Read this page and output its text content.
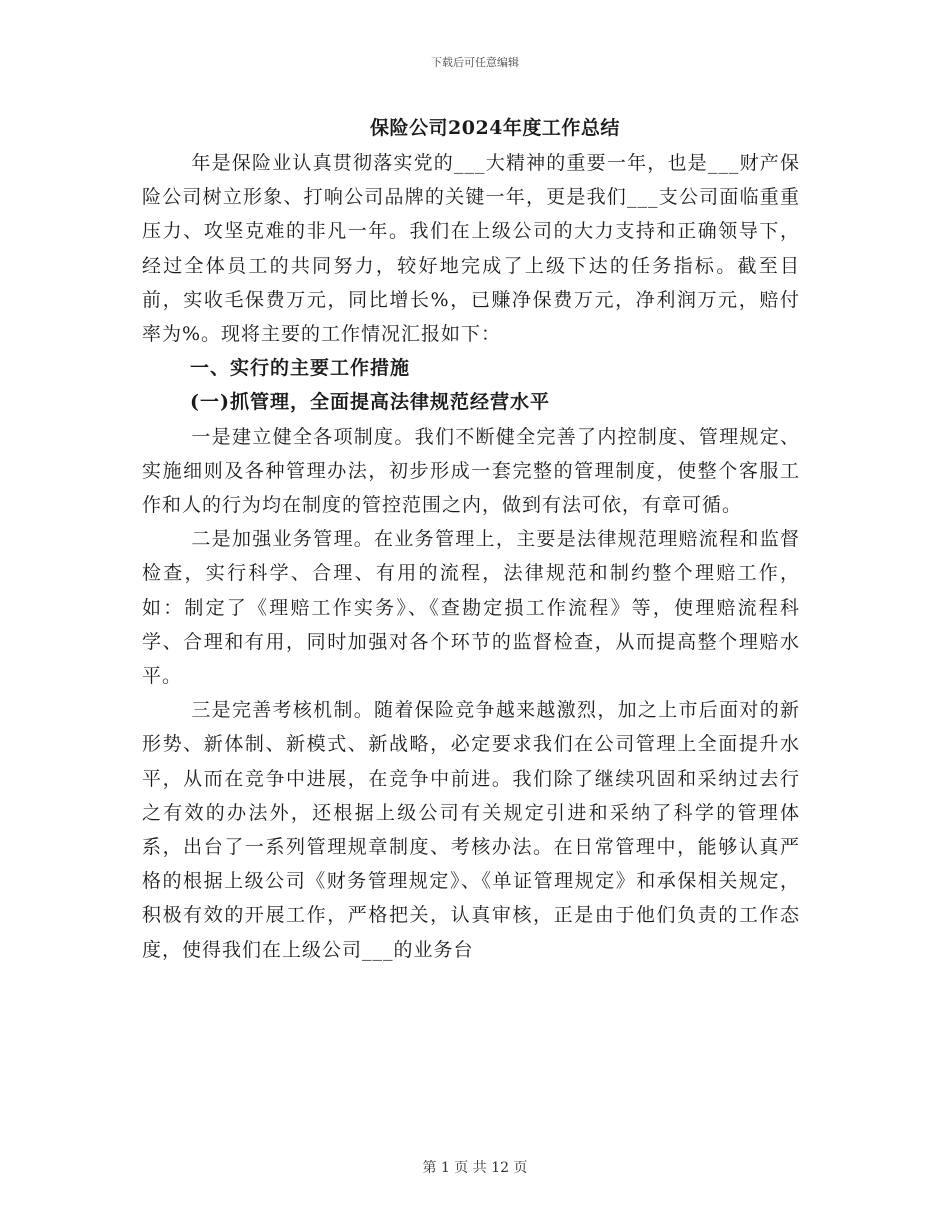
下载后可任意编辑
保险公司2024年度工作总结

年是保险业认真贯彻落实党的___大精神的重要一年，也是___财产保险公司树立形象、打响公司品牌的关键一年，更是我们___支公司面临重重压力、攻坚克难的非凡一年。我们在上级公司的大力支持和正确领导下，经过全体员工的共同努力，较好地完成了上级下达的任务指标。截至目前，实收毛保费万元，同比增长%，已赚净保费万元，净利润万元，赔付率为%。现将主要的工作情况汇报如下：

一、实行的主要工作措施

(一)抓管理，全面提高法律规范经营水平

一是建立健全各项制度。我们不断健全完善了内控制度、管理规定、实施细则及各种管理办法，初步形成一套完整的管理制度，使整个客服工作和人的行为均在制度的管控范围之内，做到有法可依，有章可循。

二是加强业务管理。在业务管理上，主要是法律规范理赔流程和监督检查，实行科学、合理、有用的流程，法律规范和制约整个理赔工作，如：制定了《理赔工作实务》、《查勘定损工作流程》等，使理赔流程科学、合理和有用，同时加强对各个环节的监督检查，从而提高整个理赔水平。

三是完善考核机制。随着保险竞争越来越激烈，加之上市后面对的新形势、新体制、新模式、新战略，必定要求我们在公司管理上全面提升水平，从而在竞争中进展，在竞争中前进。我们除了继续巩固和采纳过去行之有效的办法外，还根据上级公司有关规定引进和采纳了科学的管理体系，出台了一系列管理规章制度、考核办法。在日常管理中，能够认真严格的根据上级公司《财务管理规定》、《单证管理规定》和承保相关规定，积极有效的开展工作，严格把关，认真审核，正是由于他们负责的工作态度，使得我们在上级公司___的业务台

第 1 页 共 12 页
